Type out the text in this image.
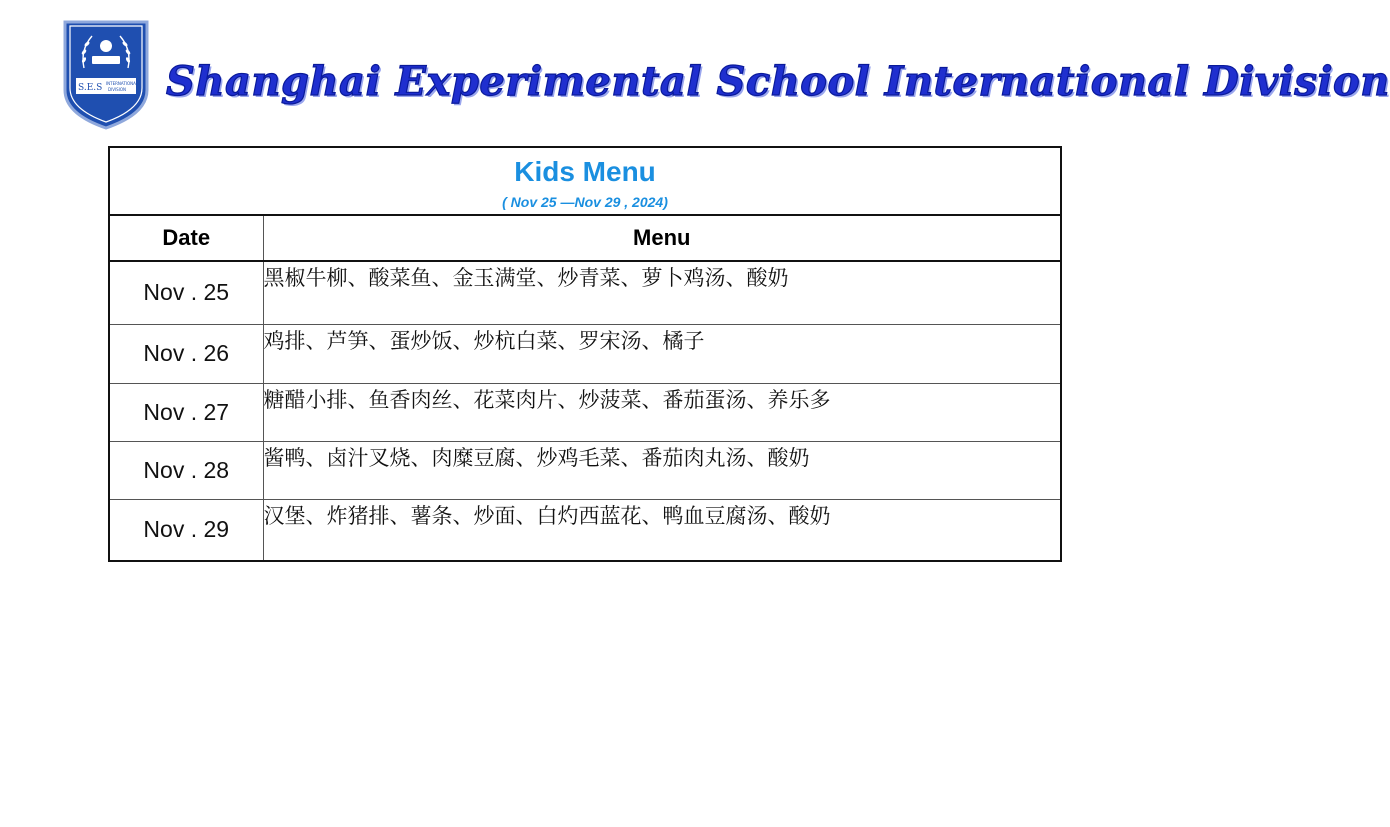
S.E.S INTERNATIONAL
DIVISION Shanghai Experimental School International Division
Kids Menu
( Nov 25 —Nov 29 , 2024)	

Date	Menu
Nov . 25	黑椒牛柳、酸菜鱼、金玉满堂、炒青菜、萝卜鸡汤、酸奶
Nov . 26	鸡排、芦笋、蛋炒饭、炒杭白菜、罗宋汤、橘子
Nov . 27	糖醋小排、鱼香肉丝、花菜肉片、炒菠菜、番茄蛋汤、养乐多
Nov . 28	酱鸭、卤汁叉烧、肉糜豆腐、炒鸡毛菜、番茄肉丸汤、酸奶
Nov . 29	汉堡、炸猪排、薯条、炒面、白灼西蓝花、鸭血豆腐汤、酸奶
